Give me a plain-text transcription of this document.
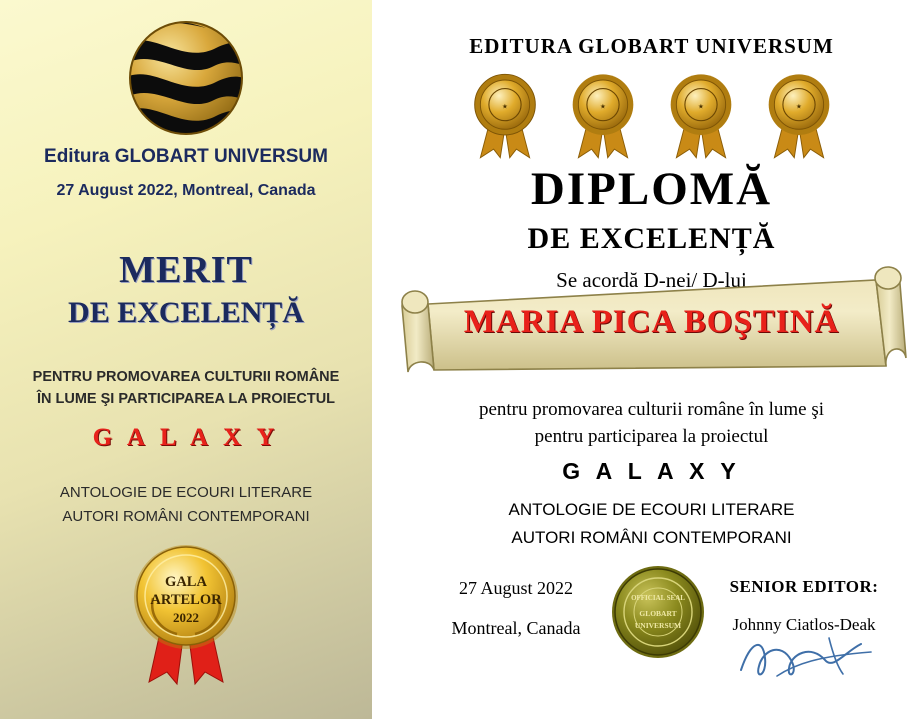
Editura GLOBART UNIVERSUM
27 August 2022, Montreal, Canada
MERIT
DE EXCELENȚĂ
PENTRU PROMOVAREA CULTURII ROMÂNE
ÎN LUME ŞI PARTICIPAREA LA PROIECTUL
G A L A X Y
ANTOLOGIE DE ECOURI LITERARE
AUTORI ROMÂNI CONTEMPORANI
GALA
ARTELOR
2022
EDITURA GLOBART UNIVERSUM
★	★	★	★
DIPLOMĂ
DE EXCELENȚĂ
Se acordă D-nei/ D-lui
MARIA PICA BOŞTINĂ
pentru promovarea culturii române în lume şi
pentru participarea la proiectul
G A L A X Y
ANTOLOGIE DE ECOURI LITERARE
AUTORI ROMÂNI CONTEMPORANI
27 August 2022
Montreal, Canada
OFFICIAL SEAL
GLOBART
UNIVERSUM
SENIOR EDITOR:
Johnny Ciatlos-Deak
